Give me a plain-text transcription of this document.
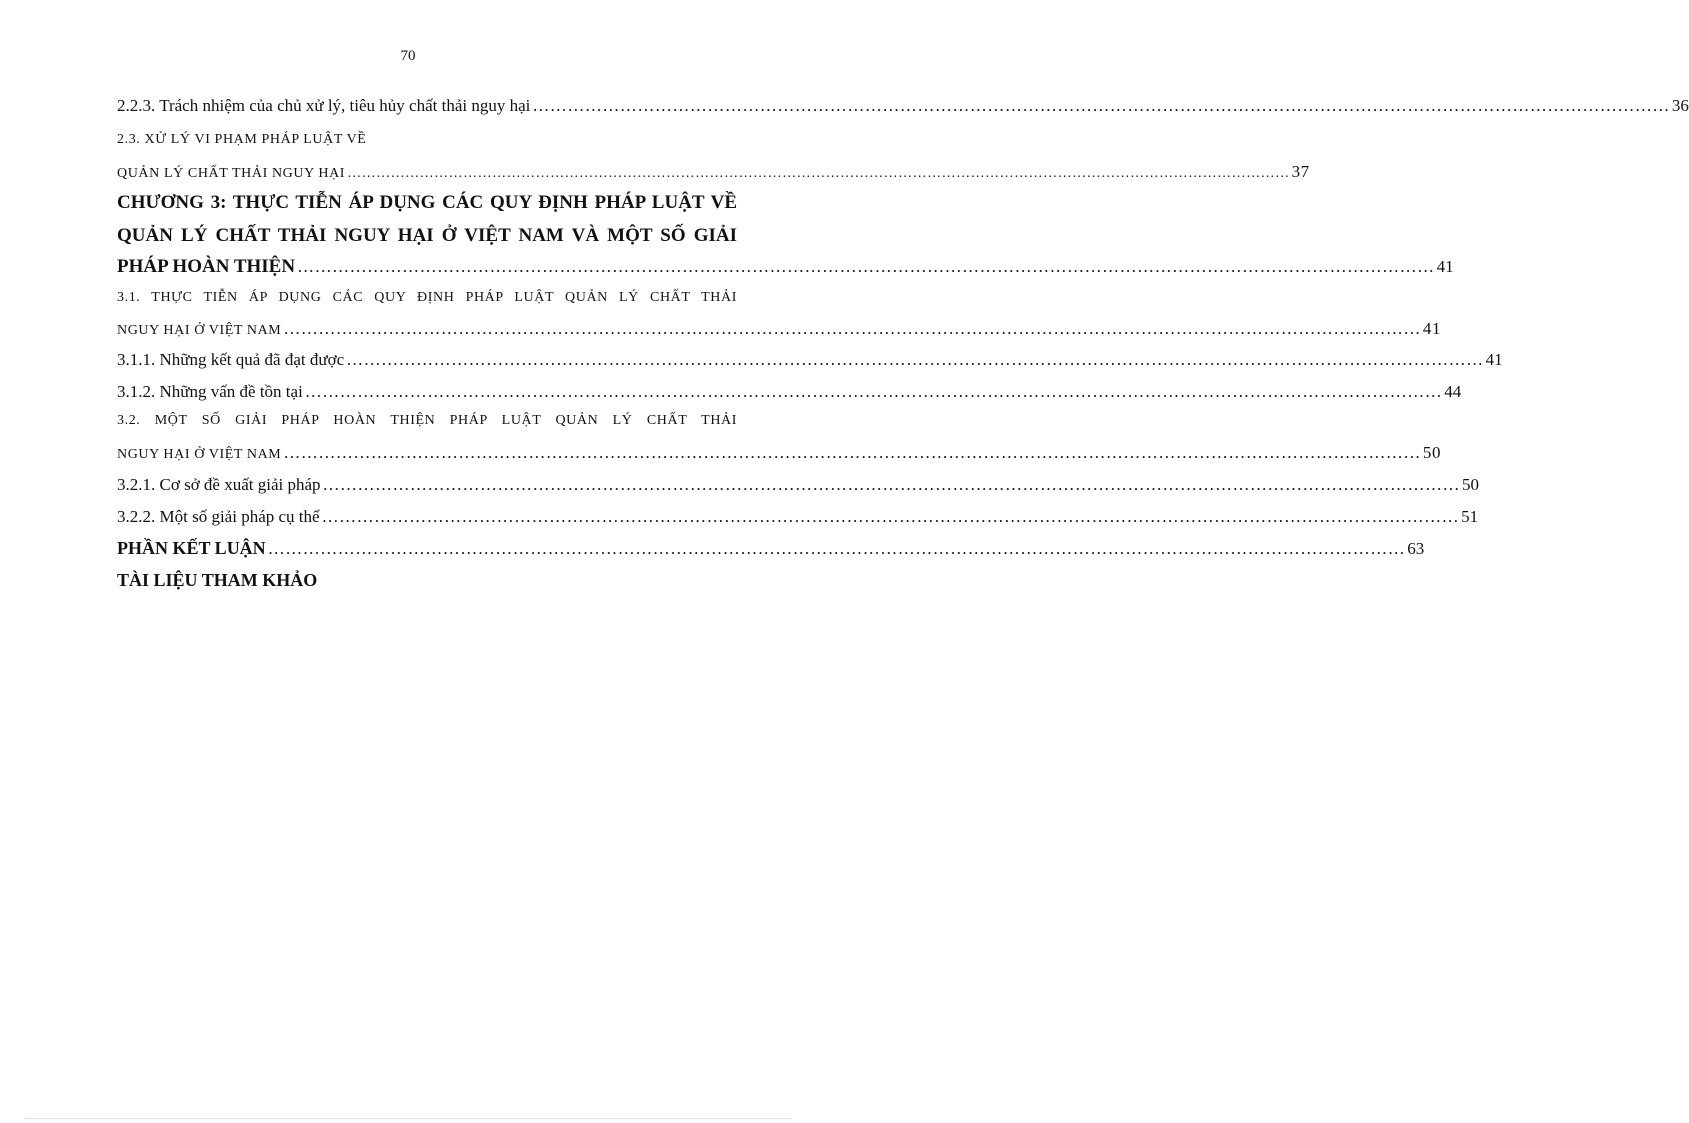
70
2.2.3. Trách nhiệm của chủ xử lý, tiêu hủy chất thải nguy hại …………………………………………………………………………………………………………………………………………………………………………… 36
2.3. XỬ LÝ VI PHẠM PHÁP LUẬT VỀ
QUẢN LÝ CHẤT THẢI NGUY HẠI …………………………………………………………………………………………………………………………………………………………………………… 37
CHƯƠNG 3: THỰC TIỄN ÁP DỤNG CÁC QUY ĐỊNH PHÁP LUẬT VỀ
QUẢN LÝ CHẤT THẢI NGUY HẠI Ở VIỆT NAM VÀ MỘT SỐ GIẢI
PHÁP HOÀN THIỆN …………………………………………………………………………………………………………………………………………………………………………… 41
3.1. THỰC TIỄN ÁP DỤNG CÁC QUY ĐỊNH PHÁP LUẬT QUẢN LÝ CHẤT THẢI
NGUY HẠI Ở VIỆT NAM …………………………………………………………………………………………………………………………………………………………………………… 41
3.1.1. Những kết quả đã đạt được …………………………………………………………………………………………………………………………………………………………………………… 41
3.1.2. Những vấn đề tồn tại …………………………………………………………………………………………………………………………………………………………………………… 44
3.2. MỘT SỐ GIẢI PHÁP HOÀN THIỆN PHÁP LUẬT QUẢN LÝ CHẤT THẢI
NGUY HẠI Ở VIỆT NAM …………………………………………………………………………………………………………………………………………………………………………… 50
3.2.1. Cơ sở đề xuất giải pháp …………………………………………………………………………………………………………………………………………………………………………… 50
3.2.2. Một số giải pháp cụ thể …………………………………………………………………………………………………………………………………………………………………………… 51
PHẦN KẾT LUẬN …………………………………………………………………………………………………………………………………………………………………………… 63
TÀI LIỆU THAM KHẢO
